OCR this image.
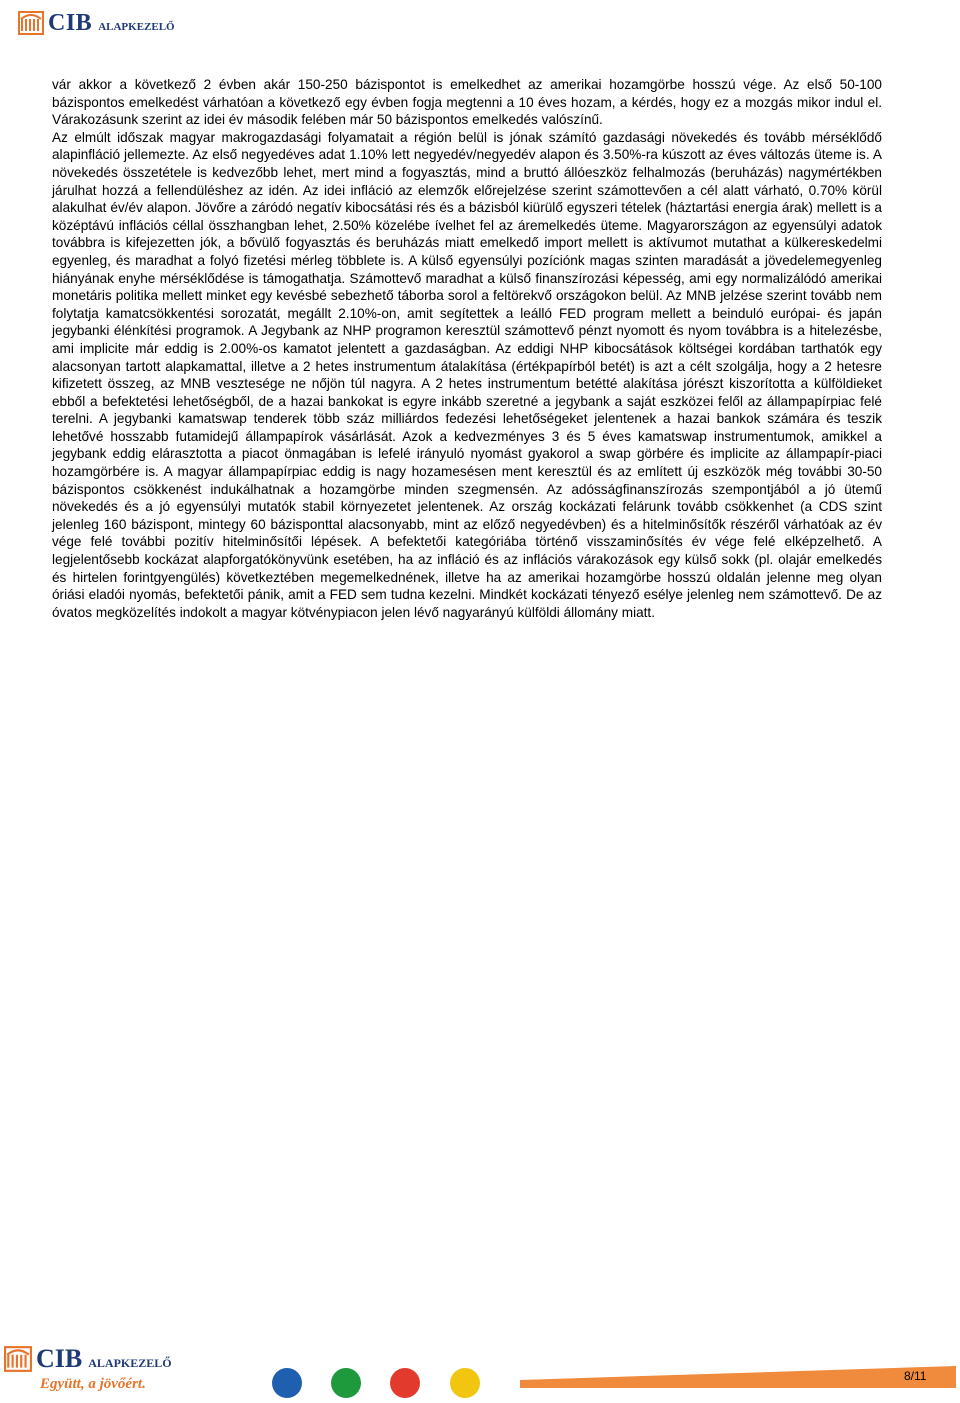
CIB ALAPKEZELŐ

vár akkor a következő 2 évben akár 150-250 bázispontot is emelkedhet az amerikai hozamgörbe hosszú vége. Az első 50-100 bázispontos emelkedést várhatóan a következő egy évben fogja megtenni a 10 éves hozam, a kérdés, hogy ez a mozgás mikor indul el. Várakozásunk szerint az idei év második felében már 50 bázispontos emelkedés valószínű.

Az elmúlt időszak magyar makrogazdasági folyamatait a régión belül is jónak számító gazdasági növekedés és tovább mérséklődő alapinfláció jellemezte. Az első negyedéves adat 1.10% lett negyedév/negyedév alapon és 3.50%-ra kúszott az éves változás üteme is. A növekedés összetétele is kedvezőbb lehet, mert mind a fogyasztás, mind a bruttó állóeszköz felhalmozás (beruházás) nagymértékben járulhat hozzá a fellendüléshez az idén. Az idei infláció az elemzők előrejelzése szerint számottevően a cél alatt várható, 0.70% körül alakulhat év/év alapon. Jövőre a záródó negatív kibocsátási rés és a bázisból kiürülő egyszeri tételek (háztartási energia árak) mellett is a középtávú inflációs céllal összhangban lehet, 2.50% közelébe ívelhet fel az áremelkedés üteme. Magyarországon az egyensúlyi adatok továbbra is kifejezetten jók, a bővülő fogyasztás és beruházás miatt emelkedő import mellett is aktívumot mutathat a külkereskedelmi egyenleg, és maradhat a folyó fizetési mérleg többlete is. A külső egyensúlyi pozíciónk magas szinten maradását a jövedelemegyenleg hiányának enyhe mérséklődése is támogathatja. Számottevő maradhat a külső finanszírozási képesség, ami egy normalizálódó amerikai monetáris politika mellett minket egy kevésbé sebezhető táborba sorol a feltörekvő országokon belül. Az MNB jelzése szerint tovább nem folytatja kamatcsökkentési sorozatát, megállt 2.10%-on, amit segítettek a leálló FED program mellett a beinduló európai- és japán jegybanki élénkítési programok. A Jegybank az NHP programon keresztül számottevő pénzt nyomott és nyom továbbra is a hitelezésbe, ami implicite már eddig is 2.00%-os kamatot jelentett a gazdaságban. Az eddigi NHP kibocsátások költségei kordában tarthatók egy alacsonyan tartott alapkamattal, illetve a 2 hetes instrumentum átalakítása (értékpapírból betét) is azt a célt szolgálja, hogy a 2 hetesre kifizetett összeg, az MNB vesztesége ne nőjön túl nagyra. A 2 hetes instrumentum betétté alakítása jórészt kiszorította a külföldieket ebből a befektetési lehetőségből, de a hazai bankokat is egyre inkább szeretné a jegybank a saját eszközei felől az állampapírpiac felé terelni. A jegybanki kamatswap tenderek több száz milliárdos fedezési lehetőségeket jelentenek a hazai bankok számára és teszik lehetővé hosszabb futamidejű állampapírok vásárlását. Azok a kedvezményes 3 és 5 éves kamatswap instrumentumok, amikkel a jegybank eddig elárasztotta a piacot önmagában is lefelé irányuló nyomást gyakorol a swap görbére és implicite az állampapír-piaci hozamgörbére is. A magyar állampapírpiac eddig is nagy hozamesésen ment keresztül és az említett új eszközök még további 30-50 bázispontos csökkenést indukálhatnak a hozamgörbe minden szegmensén. Az adósságfinanszírozás szempontjából a jó ütemű növekedés és a jó egyensúlyi mutatók stabil környezetet jelentenek. Az ország kockázati felárunk tovább csökkenhet (a CDS szint jelenleg 160 bázispont, mintegy 60 bázisponttal alacsonyabb, mint az előző negyedévben) és a hitelminősítők részéről várhatóak az év vége felé további pozitív hitelminősítői lépések. A befektetői kategóriába történő visszaminősítés év vége felé elképzelhető. A legjelentősebb kockázat alapforgatókönyvünk esetében, ha az infláció és az inflációs várakozások egy külső sokk (pl. olajár emelkedés és hirtelen forintgyengülés) következtében megemelkednének, illetve ha az amerikai hozamgörbe hosszú oldalán jelenne meg olyan óriási eladói nyomás, befektetői pánik, amit a FED sem tudna kezelni. Mindkét kockázati tényező esélye jelenleg nem számottevő. De az óvatos megközelítés indokolt a magyar kötvénypiacon jelen lévő nagyarányú külföldi állomány miatt.

CIB ALAPKEZELŐ
Együtt, a jövőért.	8/11
